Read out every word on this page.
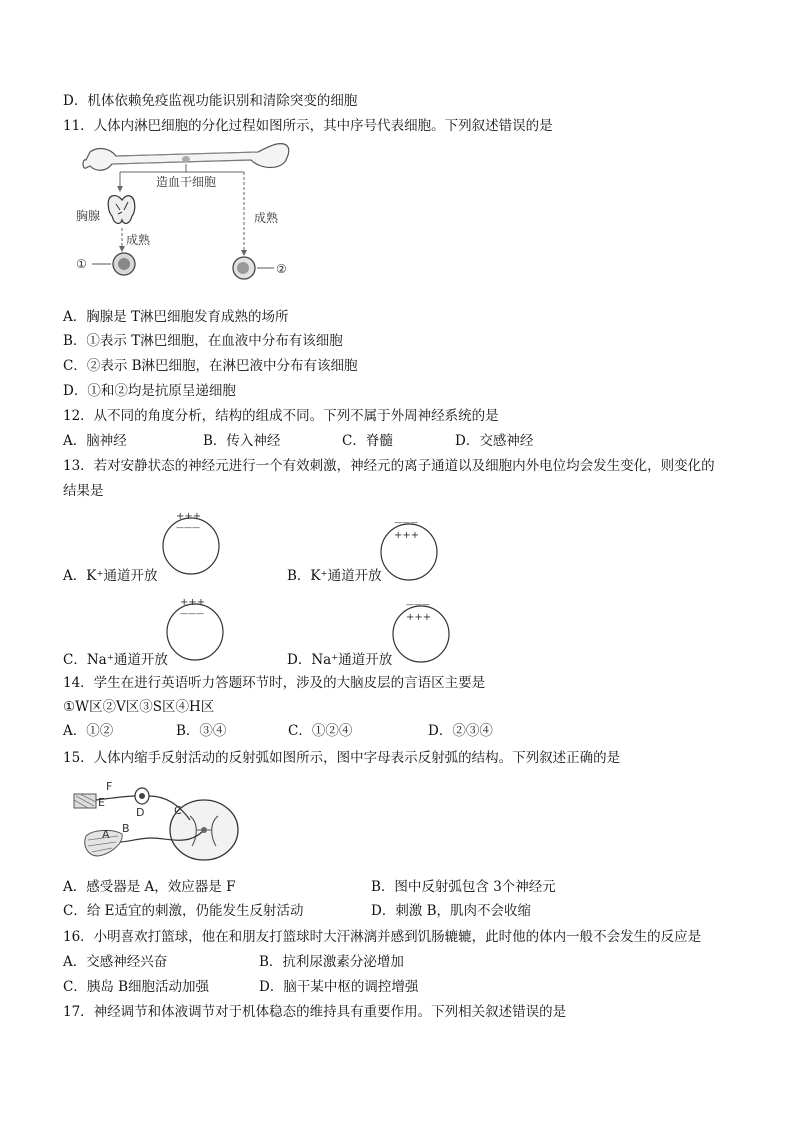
D．机体依赖免疫监视功能识别和清除突变的细胞
11．人体内淋巴细胞的分化过程如图所示，其中序号代表细胞。下列叙述错误的是
造血干细胞
成熟
胸腺
成熟
①	②
A．胸腺是 T淋巴细胞发育成熟的场所
B．①表示 T淋巴细胞，在血液中分布有该细胞
C．②表示 B淋巴细胞，在淋巴液中分布有该细胞
D．①和②均是抗原呈递细胞
12．从不同的角度分析，结构的组成不同。下列不属于外周神经系统的是
A．脑神经	B．传入神经	C．脊髓	D．交感神经
13．若对安静状态的神经元进行一个有效刺激，神经元的离子通道以及细胞内外电位均会发生变化，则变化的
结果是
+++
———
A．K⁺通道开放
———
+++
B．K⁺通道开放
+++
———
C．Na⁺通道开放
———
+++
D．Na⁺通道开放
14．学生在进行英语听力答题环节时，涉及的大脑皮层的言语区主要是
①W区②V区③S区④H区
A．①②	B．③④	C．①②④	D．②③④
15．人体内缩手反射活动的反射弧如图所示，图中字母表示反射弧的结构。下列叙述正确的是
F
E
D	C
A B
A．感受器是 A，效应器是 F	B．图中反射弧包含 3个神经元
C．给 E适宜的刺激，仍能发生反射活动	D．刺激 B，肌肉不会收缩
16．小明喜欢打篮球，他在和朋友打篮球时大汗淋漓并感到饥肠辘辘，此时他的体内一般不会发生的反应是
A．交感神经兴奋	B．抗利尿激素分泌增加
C．胰岛 B细胞活动加强	D．脑干某中枢的调控增强
17．神经调节和体液调节对于机体稳态的维持具有重要作用。下列相关叙述错误的是
